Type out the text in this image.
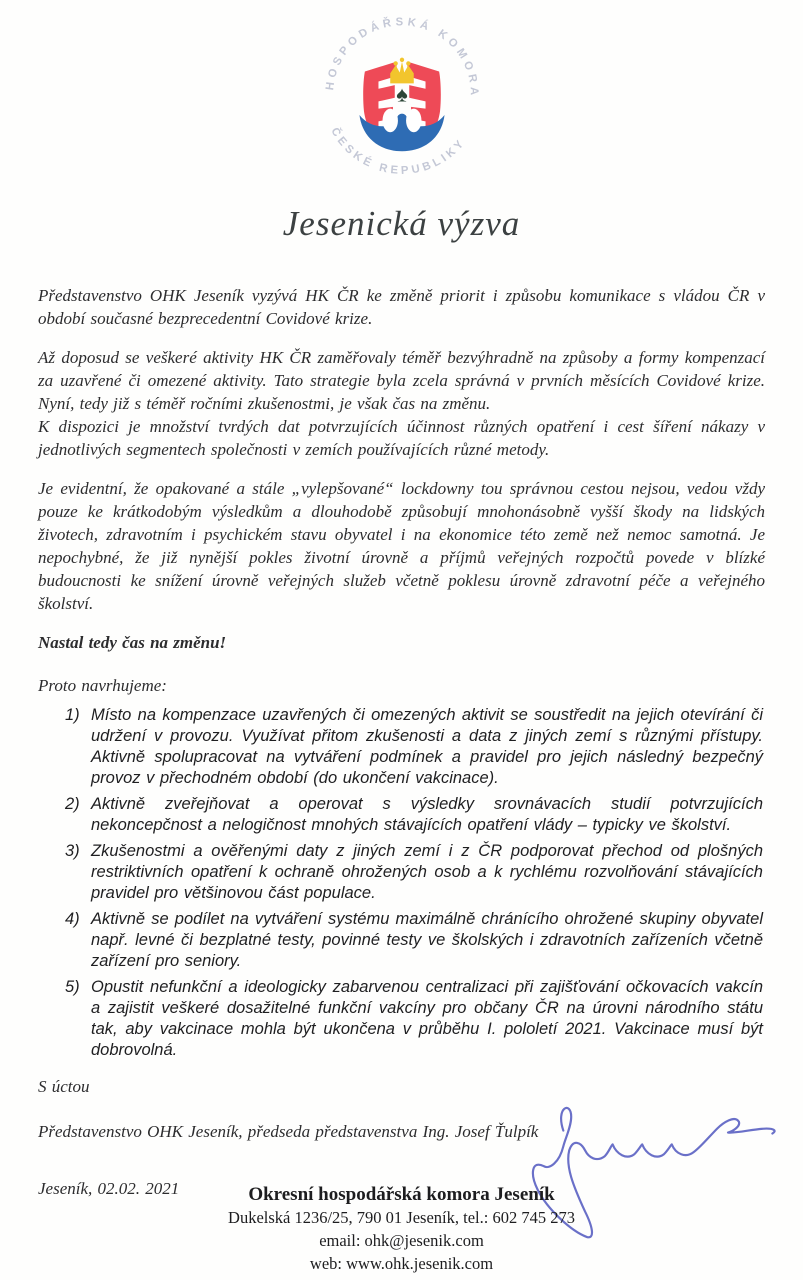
HOSPODÁŘSKÁ KOMORA
ČESKÉ REPUBLIKY
♠
Jesenická výzva

Představenstvo OHK Jeseník vyzývá HK ČR ke změně priorit i způsobu komunikace s vládou ČR v období současné bezprecedentní Covidové krize.

Až doposud se veškeré aktivity HK ČR zaměřovaly téměř bezvýhradně na způsoby a formy kompenzací za uzavřené či omezené aktivity. Tato strategie byla zcela správná v prvních měsících Covidové krize. Nyní, tedy již s téměř ročními zkušenostmi, je však čas na změnu.

K dispozici je množství tvrdých dat potvrzujících účinnost různých opatření i cest šíření nákazy v jednotlivých segmentech společnosti v zemích používajících různé metody.

Je evidentní, že opakované a stále „vylepšované“ lockdowny tou správnou cestou nejsou, vedou vždy pouze ke krátkodobým výsledkům a dlouhodobě způsobují mnohonásobně vyšší škody na lidských životech, zdravotním i psychickém stavu obyvatel i na ekonomice této země než nemoc samotná. Je nepochybné, že již nynější pokles životní úrovně a příjmů veřejných rozpočtů povede v blízké budoucnosti ke snížení úrovně veřejných služeb včetně poklesu úrovně zdravotní péče a veřejného školství.

Nastal tedy čas na změnu!

Proto navrhujeme:

1) Místo na kompenzace uzavřených či omezených aktivit se soustředit na jejich otevírání či udržení v provozu. Využívat přitom zkušenosti a data z jiných zemí s různými přístupy. Aktivně spolupracovat na vytváření podmínek a pravidel pro jejich následný bezpečný provoz v přechodném období (do ukončení vakcinace).
2) Aktivně zveřejňovat a operovat s výsledky srovnávacích studií potvrzujících nekoncepčnost a nelogičnost mnohých stávajících opatření vlády – typicky ve školství.
3) Zkušenostmi a ověřenými daty z jiných zemí i z ČR podporovat přechod od plošných restriktivních opatření k ochraně ohrožených osob a k rychlému rozvolňování stávajících pravidel pro většinovou část populace.
4) Aktivně se podílet na vytváření systému maximálně chránícího ohrožené skupiny obyvatel např. levné či bezplatné testy, povinné testy ve školských i zdravotních zařízeních včetně zařízení pro seniory.
5) Opustit nefunkční a ideologicky zabarvenou centralizaci při zajišťování očkovacích vakcín a zajistit veškeré dosažitelné funkční vakcíny pro občany ČR na úrovni národního státu tak, aby vakcinace mohla být ukončena v průběhu I. pololetí 2021. Vakcinace musí být dobrovolná.

S úctou

Představenstvo OHK Jeseník, předseda představenstva Ing. Josef Ťulpík

Jeseník, 02.02. 2021	Okresní hospodářská komora Jeseník

Dukelská 1236/25, 790 01 Jeseník, tel.: 602 745 273

email: ohk@jesenik.com

web: www.ohk.jesenik.com
